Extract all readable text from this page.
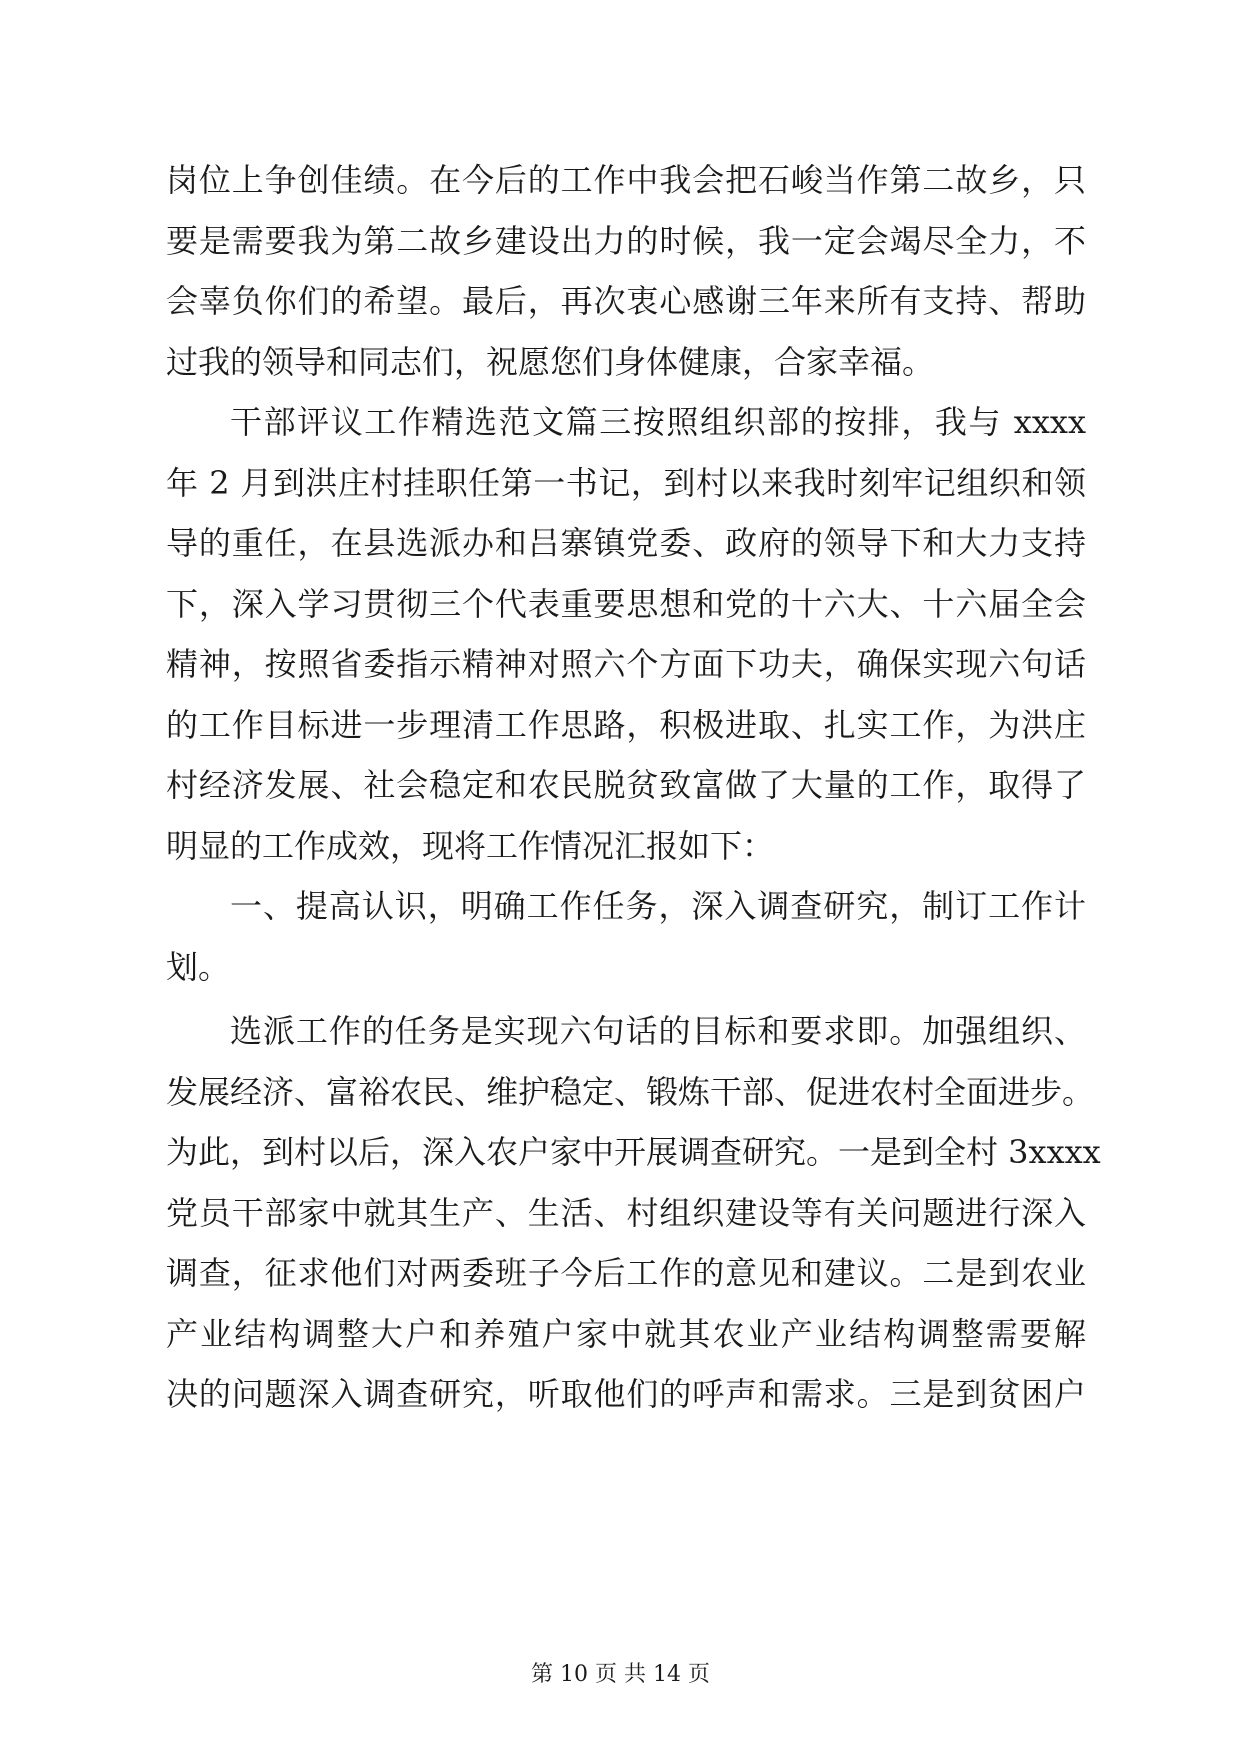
岗位上争创佳绩。在今后的工作中我会把石峻当作第二故乡，只
要是需要我为第二故乡建设出力的时候，我一定会竭尽全力，不
会辜负你们的希望。最后，再次衷心感谢三年来所有支持、帮助
过我的领导和同志们，祝愿您们身体健康，合家幸福。
干部评议工作精选范文篇三按照组织部的按排，我与 xxxx
年 2 月到洪庄村挂职任第一书记，到村以来我时刻牢记组织和领
导的重任，在县选派办和吕寨镇党委、政府的领导下和大力支持
下，深入学习贯彻三个代表重要思想和党的十六大、十六届全会
精神，按照省委指示精神对照六个方面下功夫，确保实现六句话
的工作目标进一步理清工作思路，积极进取、扎实工作，为洪庄
村经济发展、社会稳定和农民脱贫致富做了大量的工作，取得了
明显的工作成效，现将工作情况汇报如下：
一、提高认识，明确工作任务，深入调查研究，制订工作计
划。
选派工作的任务是实现六句话的目标和要求即。加强组织、
发展经济、富裕农民、维护稳定、锻炼干部、促进农村全面进步。
为此，到村以后，深入农户家中开展调查研究。一是到全村 3xxxx
党员干部家中就其生产、生活、村组织建设等有关问题进行深入
调查，征求他们对两委班子今后工作的意见和建议。二是到农业
产业结构调整大户和养殖户家中就其农业产业结构调整需要解
决的问题深入调查研究，听取他们的呼声和需求。三是到贫困户
第 10 页 共 14 页
